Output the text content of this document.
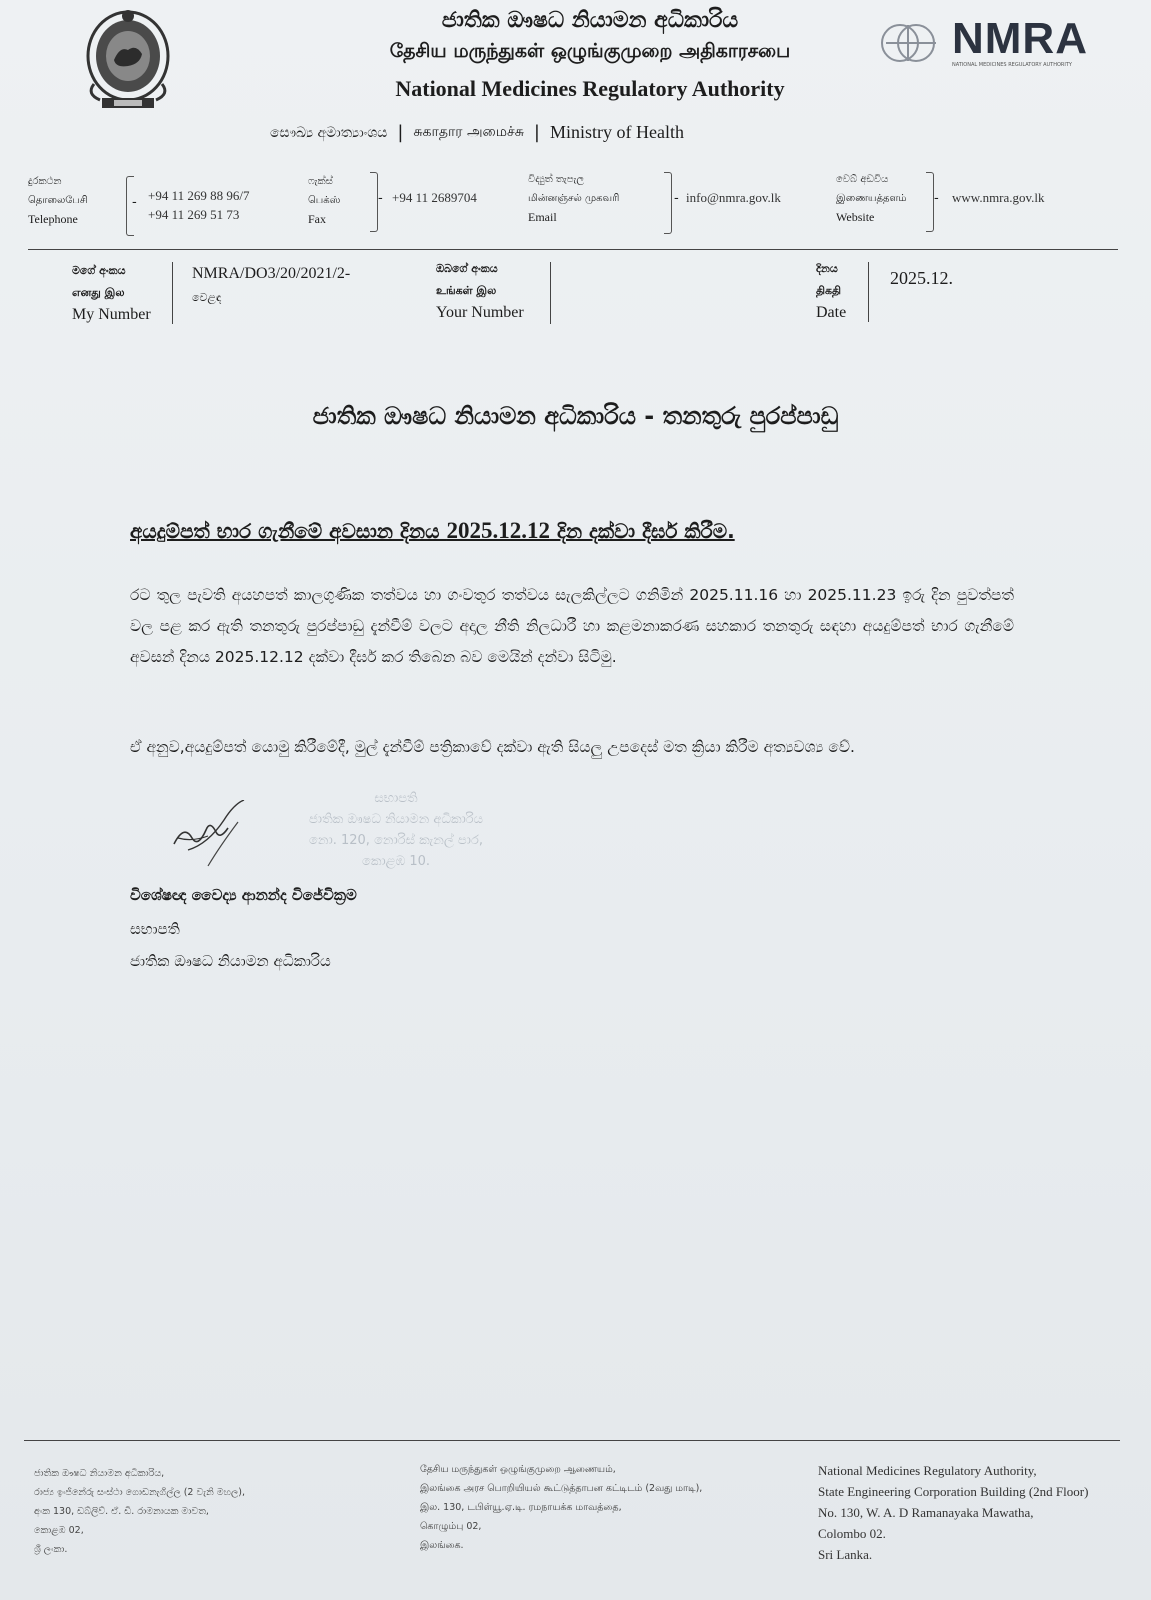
ජාතික ඖෂධ නියාමන අධිකාරිය
தேசிய மருந்துகள் ஒழுங்குமுறை அதிகாரசபை
National Medicines Regulatory Authority
සෞඛ්‍ය අමාත්‍යාංශය | சுகாதார அமைச்சு | Ministry of Health
NMRA
NATIONAL MEDICINES REGULATORY AUTHORITY
දුරකථන
தொலைபேசி
Telephone
- +94 11 269 88 96/7
+94 11 269 51 73
ෆැක්ස්
பெக்ஸ்
Fax
- +94 11 2689704
විද්‍යුත් තැපැල
மின்னஞ்சல் முகவரி
Email
- info@nmra.gov.lk
වෙබ් අඩවිය
இணையத்தளம்
Website
- www.nmra.gov.lk
මගේ අංකය
எனது இல
My Number
NMRA/DO3/20/2021/2-
වෙළඳ
ඔබගේ අංකය
உங்கள் இல
Your Number
දිනය
திகதி
Date
2025.12.
ජාතික ඖෂධ නියාමන අධිකාරිය - තනතුරු පුරප්පාඩු
අයදුම්පත් භාර ගැනීමේ අවසාන දිනය 2025.12.12 දින දක්වා දීර්ඝ කිරීම.
රට තුල පැවති අයහපත් කාලගුණික තත්වය හා ගංවතුර තත්වය සැලකිල්ලට ගනිමින් 2025.11.16 හා 2025.11.23 ඉරු දින පුවත්පත් වල පළ කර ඇති තනතුරු පුරප්පාඩු දැන්වීම් වලට අදාල නීති නිලධාරී හා කළමනාකරණ සහකාර තනතුරු සඳහා අයදුම්පත් භාර ගැනීමේ අවසන් දිනය 2025.12.12 දක්වා දීර්ඝ කර තිබෙන බව මෙයින් දන්වා සිටිමු.
ඒ අනුව,අයදුම්පත් යොමු කිරීමේදී, මුල් දැන්වීම් පත්‍රිකාවේ දක්වා ඇති සියලු උපදෙස් මත ක්‍රියා කිරීම අත්‍යවශ්‍ය වේ.
සභාපති
ජාතික ඖෂධ නියාමන අධිකාරිය
නො. 120, නොරිස් කැනල් පාර,
කොළඹ 10.
විශේෂඥ වෛද්‍ය ආනන්ද විජේවික්‍රම
සභාපති
ජාතික ඖෂධ නියාමන අධිකාරිය
ජාතික ඖෂධ නියාමන අධිකාරිය,
රාජ්‍ය ඉංජිනේරු සංස්ථා ගොඩනැගිල්ල (2 වැනි මහල),
අංක 130, ඩබ්ලිව්. ඒ. ඩී. රාමනායක මාවත,
කොළඹ 02,
ශ්‍රී ලංකා.
தேசிய மருந்துகள் ஒழுங்குமுறை ஆணையம்,
இலங்கை அரச பொறியியல் கூட்டுத்தாபன கட்டிடம் (2வது மாடி),
இல. 130, டபிள்யூ.ஏ.டி. ரமநாயக்க மாவத்தை,
கொழும்பு 02,
இலங்கை.
National Medicines Regulatory Authority,
State Engineering Corporation Building (2nd Floor)
No. 130, W. A. D Ramanayaka Mawatha,
Colombo 02.
Sri Lanka.
